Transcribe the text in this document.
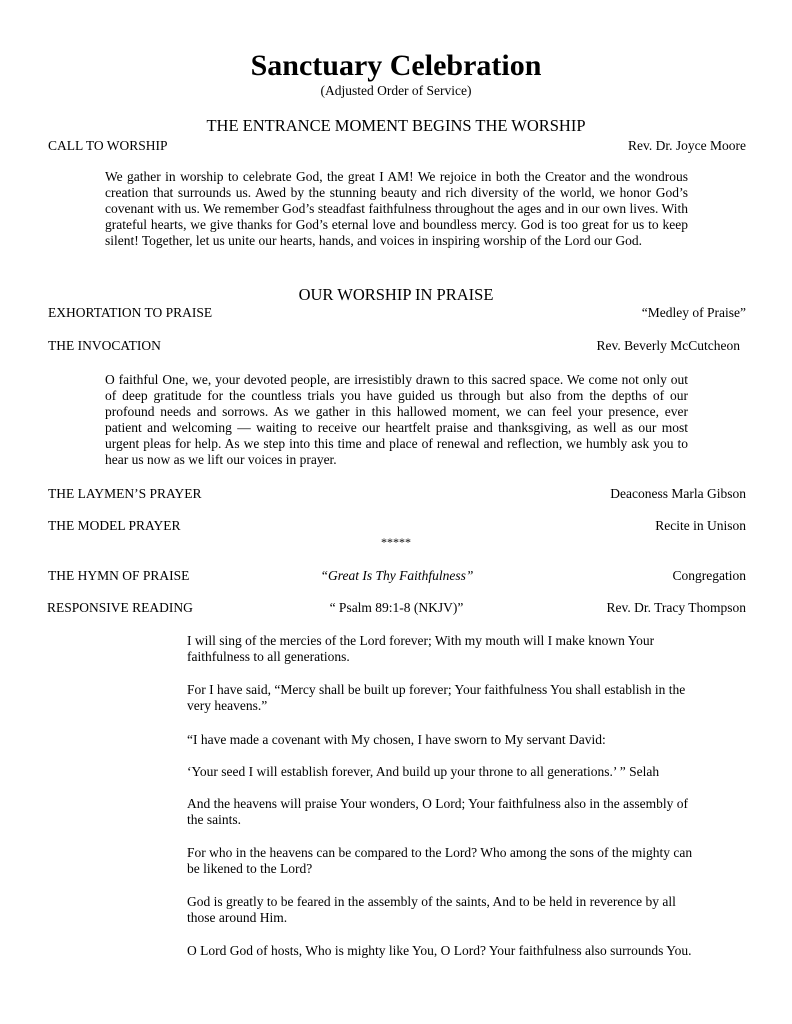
Sanctuary Celebration
(Adjusted Order of Service)
THE ENTRANCE MOMENT BEGINS THE WORSHIP
CALL TO WORSHIP	Rev. Dr. Joyce Moore
We gather in worship to celebrate God, the great I AM! We rejoice in both the Creator and the wondrous creation that surrounds us. Awed by the stunning beauty and rich diversity of the world, we honor God’s covenant with us. We remember God’s steadfast faithfulness throughout the ages and in our own lives. With grateful hearts, we give thanks for God’s eternal love and boundless mercy. God is too great for us to keep silent! Together, let us unite our hearts, hands, and voices in inspiring worship of the Lord our God.
OUR WORSHIP IN PRAISE
EXHORTATION TO PRAISE	“Medley of Praise”
THE INVOCATION	Rev. Beverly McCutcheon
O faithful One, we, your devoted people, are irresistibly drawn to this sacred space. We come not only out of deep gratitude for the countless trials you have guided us through but also from the depths of our profound needs and sorrows. As we gather in this hallowed moment, we can feel your presence, ever patient and welcoming — waiting to receive our heartfelt praise and thanksgiving, as well as our most urgent pleas for help. As we step into this time and place of renewal and reflection, we humbly ask you to hear us now as we lift our voices in prayer.
THE LAYMEN’S PRAYER	Deaconess Marla Gibson
THE MODEL PRAYER	Recite in Unison
*****
THE HYMN OF PRAISE	“Great Is Thy Faithfulness”	Congregation
RESPONSIVE READING	“ Psalm 89:1-8 (NKJV)”	Rev. Dr. Tracy Thompson
I will sing of the mercies of the Lord forever; With my mouth will I make known Your faithfulness to all generations.
For I have said, “Mercy shall be built up forever; Your faithfulness You shall establish in the very heavens.”
“I have made a covenant with My chosen, I have sworn to My servant David:
‘Your seed I will establish forever, And build up your throne to all generations.’ ” Selah
And the heavens will praise Your wonders, O Lord; Your faithfulness also in the assembly of the saints.
For who in the heavens can be compared to the Lord? Who among the sons of the mighty can be likened to the Lord?
God is greatly to be feared in the assembly of the saints, And to be held in reverence by all those around Him.
O Lord God of hosts, Who is mighty like You, O Lord? Your faithfulness also surrounds You.
